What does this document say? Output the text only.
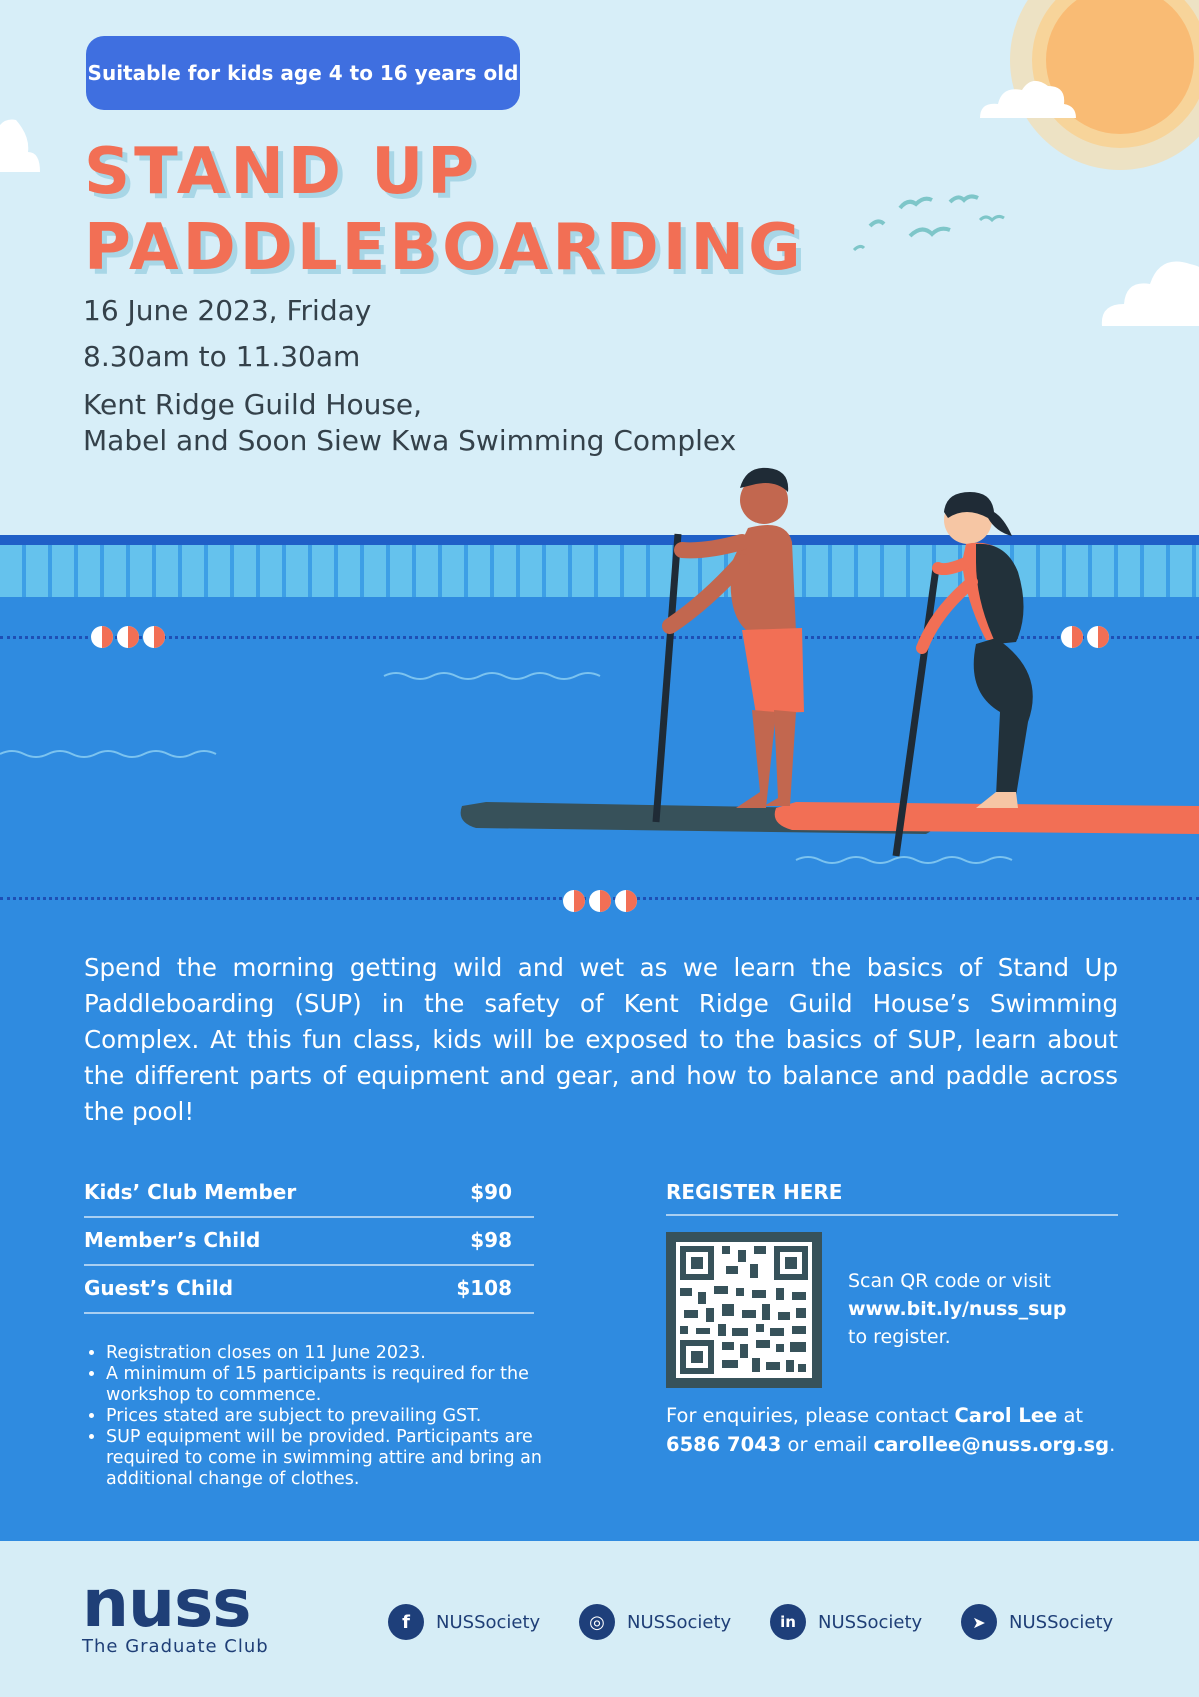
Suitable for kids age 4 to 16 years old
STAND UP
PADDLEBOARDING
16 June 2023, Friday
8.30am to 11.30am
Kent Ridge Guild House,
Mabel and Soon Siew Kwa Swimming Complex
Spend the morning getting wild and wet as we learn the basics of Stand Up Paddleboarding (SUP) in the safety of Kent Ridge Guild House’s Swimming Complex. At this fun class, kids will be exposed to the basics of SUP, learn about the different parts of equipment and gear, and how to balance and paddle across the pool!
Kids’ Club Member	$90
Member’s Child	$98
Guest’s Child	$108
• Registration closes on 11 June 2023.
• A minimum of 15 participants is required for the workshop to commence.
• Prices stated are subject to prevailing GST.
• SUP equipment will be provided. Participants are required to come in swimming attire and bring an additional change of clothes.
REGISTER HERE
Scan QR code or visit
www.bit.ly/nuss_sup
to register.
For enquiries, please contact Carol Lee at
6586 7043 or email carollee@nuss.org.sg.
nuss
The Graduate Club
f	NUSSociety	◎	NUSSociety	in	NUSSociety	➤	NUSSociety
